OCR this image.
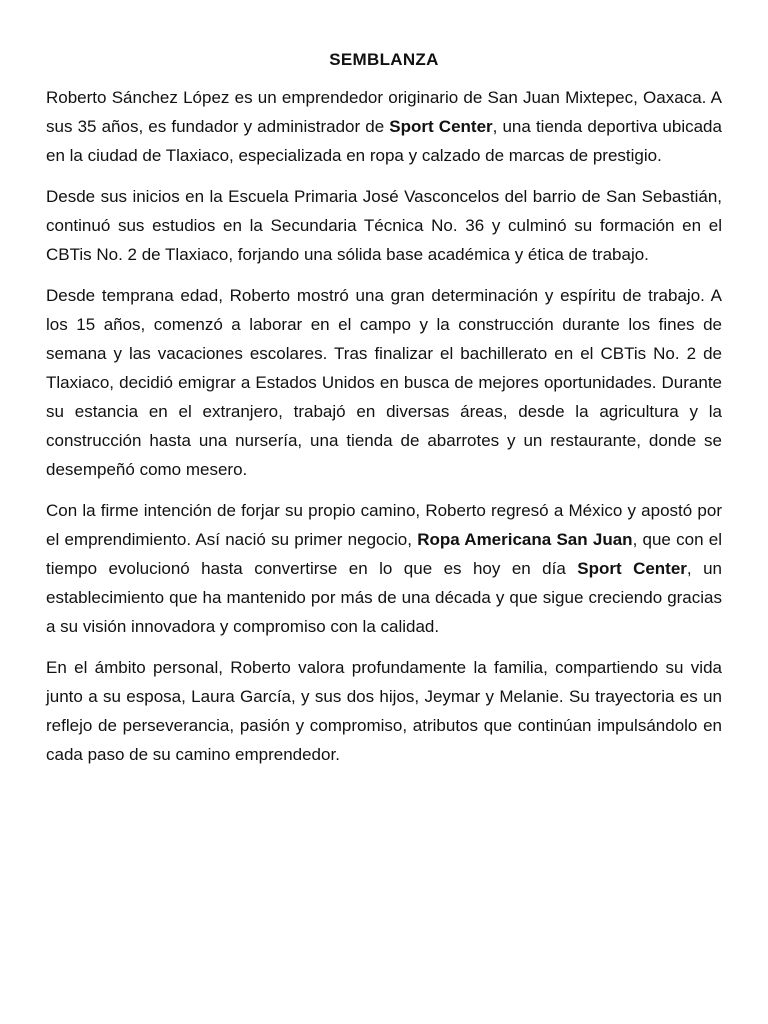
SEMBLANZA

Roberto Sánchez López es un emprendedor originario de San Juan Mixtepec, Oaxaca. A sus 35 años, es fundador y administrador de Sport Center, una tienda deportiva ubicada en la ciudad de Tlaxiaco, especializada en ropa y calzado de marcas de prestigio.

Desde sus inicios en la Escuela Primaria José Vasconcelos del barrio de San Sebastián, continuó sus estudios en la Secundaria Técnica No. 36 y culminó su formación en el CBTis No. 2 de Tlaxiaco, forjando una sólida base académica y ética de trabajo.

Desde temprana edad, Roberto mostró una gran determinación y espíritu de trabajo. A los 15 años, comenzó a laborar en el campo y la construcción durante los fines de semana y las vacaciones escolares. Tras finalizar el bachillerato en el CBTis No. 2 de Tlaxiaco, decidió emigrar a Estados Unidos en busca de mejores oportunidades. Durante su estancia en el extranjero, trabajó en diversas áreas, desde la agricultura y la construcción hasta una nursería, una tienda de abarrotes y un restaurante, donde se desempeñó como mesero.

Con la firme intención de forjar su propio camino, Roberto regresó a México y apostó por el emprendimiento. Así nació su primer negocio, Ropa Americana San Juan, que con el tiempo evolucionó hasta convertirse en lo que es hoy en día Sport Center, un establecimiento que ha mantenido por más de una década y que sigue creciendo gracias a su visión innovadora y compromiso con la calidad.

En el ámbito personal, Roberto valora profundamente la familia, compartiendo su vida junto a su esposa, Laura García, y sus dos hijos, Jeymar y Melanie. Su trayectoria es un reflejo de perseverancia, pasión y compromiso, atributos que continúan impulsándolo en cada paso de su camino emprendedor.
